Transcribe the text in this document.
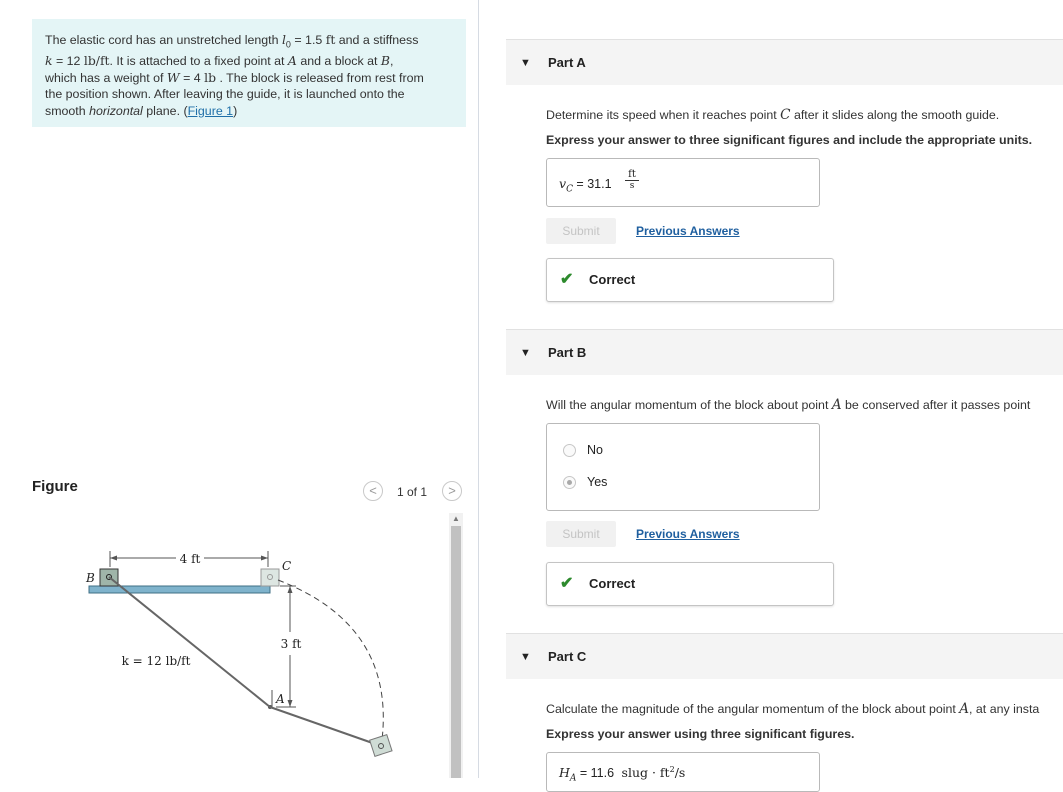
The elastic cord has an unstretched length $l_0 = 1.5$ ft and a stiffness
k = 12 lb/ft. It is attached to a fixed point at A and a block at B,
which has a weight of W = 4 lb . The block is released from rest from
the position shown. After leaving the guide, it is launched onto the
smooth horizontal plane. (Figure 1)
Figure	<	1 of 1	>
▲
4 ft
B
C
3 ft
A
k = 12 lb/ft
▼ Part A
Determine its speed when it reaches point C after it slides along the smooth guide.
Express your answer to three significant figures and include the appropriate units.
$v_C = 31.1$
ft
s
Submit	Previous Answers
✔ Correct
▼ Part B
Will the angular momentum of the block about point A be conserved after it passes point
No
Yes
Submit	Previous Answers
✔ Correct
▼ Part C
Calculate the magnitude of the angular momentum of the block about point A, at any insta
Express your answer using three significant figures.
$H_A = 11.6$ slug · $ft^2/s$
